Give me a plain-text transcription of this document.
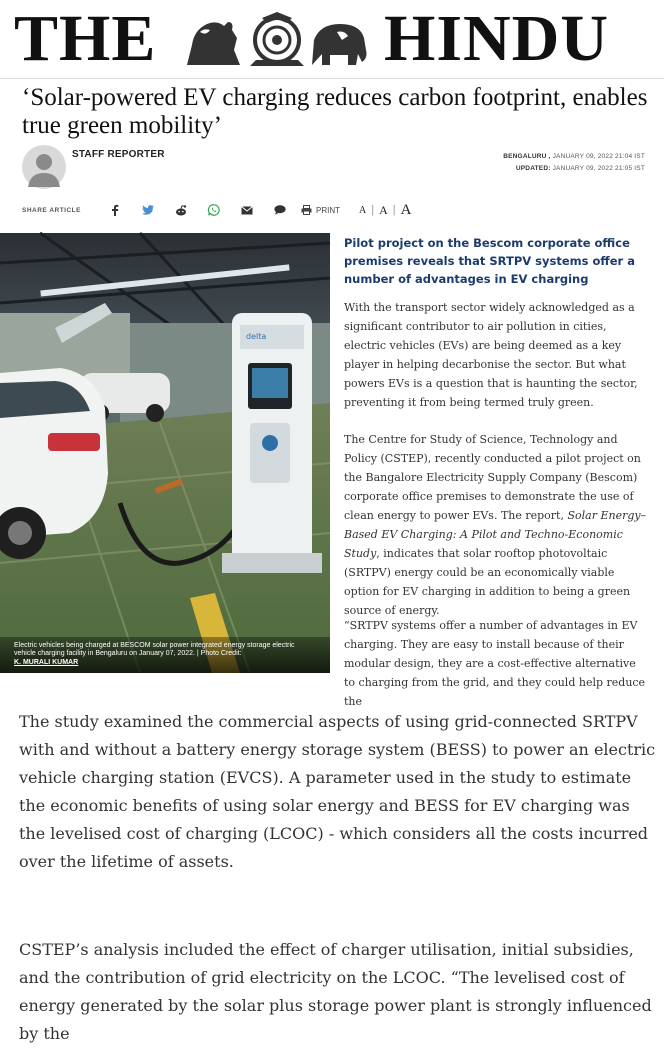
THE	HINDU
‘Solar-powered EV charging reduces carbon footprint, enables true green mobility’
STAFF REPORTER	BENGALURU , JANUARY 09, 2022 21:04 IST
UPDATED: JANUARY 09, 2022 21:05 IST
SHARE ARTICLE	PRINT A | A | A
delta
Electric vehicles being charged at BESCOM solar power integrated energy storage electric vehicle charging facility in Bengaluru on January 07, 2022. | Photo Credit:
K. MURALI KUMAR
Pilot project on the Bescom corporate office premises reveals that SRTPV systems offer a number of advantages in EV charging

With the transport sector widely acknowledged as a significant contributor to air pollution in cities, electric vehicles (EVs) are being deemed as a key player in helping decarbonise the sector. But what powers EVs is a question that is haunting the sector, preventing it from being termed truly green.

The Centre for Study of Science, Technology and Policy (CSTEP), recently conducted a pilot project on the Bangalore Electricity Supply Company (Bescom) corporate office premises to demonstrate the use of clean energy to power EVs. The report, Solar Energy–Based EV Charging: A Pilot and Techno-Economic Study, indicates that solar rooftop photovoltaic (SRTPV) energy could be an economically viable option for EV charging in addition to being a green source of energy.

“SRTPV systems offer a number of advantages in EV charging. They are easy to install because of their modular design, they are a cost-effective alternative to charging from the grid, and they could help reduce the

The study examined the commercial aspects of using grid-connected SRTPV with and without a battery energy storage system (BESS) to power an electric vehicle charging station (EVCS). A parameter used in the study to estimate the economic benefits of using solar energy and BESS for EV charging was the levelised cost of charging (LCOC) - which considers all the costs incurred over the lifetime of assets.

CSTEP’s analysis included the effect of charger utilisation, initial subsidies, and the contribution of grid electricity on the LCOC. “The levelised cost of energy generated by the solar plus storage power plant is strongly influenced by the
